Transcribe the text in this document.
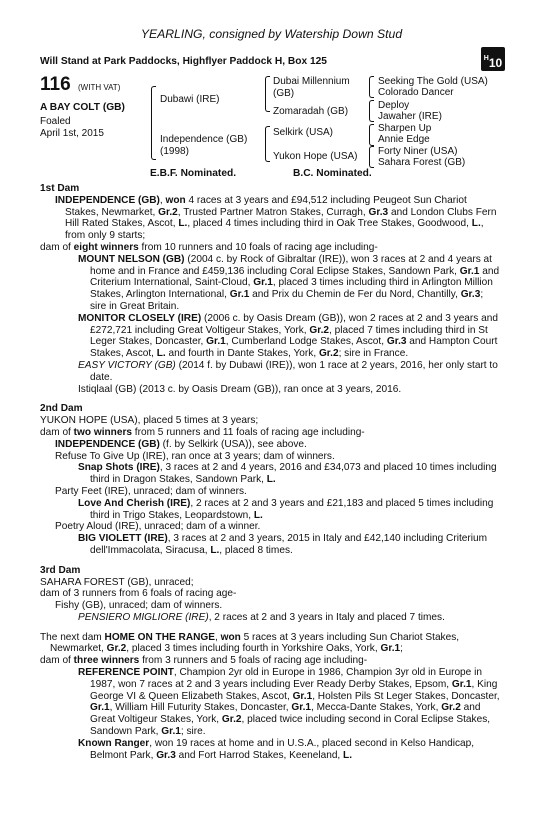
YEARLING, consigned by Watership Down Stud
Will Stand at Park Paddocks, Highflyer Paddock H, Box 125	$^H$10
116 (WITH VAT)
A BAY COLT (GB)
Foaled
April 1st, 2015
Dubawi (IRE)
Independence (GB)
(1998)
Dubai Millennium
(GB)
Zomaradah (GB)
Selkirk (USA)
Yukon Hope (USA)
Seeking The Gold (USA)
Colorado Dancer
Deploy
Jawaher (IRE)
Sharpen Up
Annie Edge
Forty Niner (USA)
Sahara Forest (GB)
E.B.F. Nominated.	B.C. Nominated.
1st Dam
INDEPENDENCE (GB), won 4 races at 3 years and £94,512 including Peugeot Sun Chariot Stakes, Newmarket, Gr.2, Trusted Partner Matron Stakes, Curragh, Gr.3 and London Clubs Fern Hill Rated Stakes, Ascot, L., placed 4 times including third in Oak Tree Stakes, Goodwood, L., from only 9 starts;
dam of eight winners from 10 runners and 10 foals of racing age including-
MOUNT NELSON (GB) (2004 c. by Rock of Gibraltar (IRE)), won 3 races at 2 and 4 years at home and in France and £459,136 including Coral Eclipse Stakes, Sandown Park, Gr.1 and Criterium International, Saint-Cloud, Gr.1, placed 3 times including third in Arlington Million Stakes, Arlington International, Gr.1 and Prix du Chemin de Fer du Nord, Chantilly, Gr.3; sire in Great Britain.
MONITOR CLOSELY (IRE) (2006 c. by Oasis Dream (GB)), won 2 races at 2 and 3 years and £272,721 including Great Voltigeur Stakes, York, Gr.2, placed 7 times including third in St Leger Stakes, Doncaster, Gr.1, Cumberland Lodge Stakes, Ascot, Gr.3 and Hampton Court Stakes, Ascot, L. and fourth in Dante Stakes, York, Gr.2; sire in France.
EASY VICTORY (GB) (2014 f. by Dubawi (IRE)), won 1 race at 2 years, 2016, her only start to date.
Istiqlaal (GB) (2013 c. by Oasis Dream (GB)), ran once at 3 years, 2016.
2nd Dam
YUKON HOPE (USA), placed 5 times at 3 years;
dam of two winners from 5 runners and 11 foals of racing age including-
INDEPENDENCE (GB) (f. by Selkirk (USA)), see above.
Refuse To Give Up (IRE), ran once at 3 years; dam of winners.
Snap Shots (IRE), 3 races at 2 and 4 years, 2016 and £34,073 and placed 10 times including third in Dragon Stakes, Sandown Park, L.
Party Feet (IRE), unraced; dam of winners.
Love And Cherish (IRE), 2 races at 2 and 3 years and £21,183 and placed 5 times including third in Trigo Stakes, Leopardstown, L.
Poetry Aloud (IRE), unraced; dam of a winner.
BIG VIOLETT (IRE), 3 races at 2 and 3 years, 2015 in Italy and £42,140 including Criterium dell'Immacolata, Siracusa, L., placed 8 times.
3rd Dam
SAHARA FOREST (GB), unraced;
dam of 3 runners from 6 foals of racing age-
Fishy (GB), unraced; dam of winners.
PENSIERO MIGLIORE (IRE), 2 races at 2 and 3 years in Italy and placed 7 times.
The next dam HOME ON THE RANGE, won 5 races at 3 years including Sun Chariot Stakes, Newmarket, Gr.2, placed 3 times including fourth in Yorkshire Oaks, York, Gr.1;
dam of three winners from 3 runners and 5 foals of racing age including-
REFERENCE POINT, Champion 2yr old in Europe in 1986, Champion 3yr old in Europe in 1987, won 7 races at 2 and 3 years including Ever Ready Derby Stakes, Epsom, Gr.1, King George VI & Queen Elizabeth Stakes, Ascot, Gr.1, Holsten Pils St Leger Stakes, Doncaster, Gr.1, William Hill Futurity Stakes, Doncaster, Gr.1, Mecca-Dante Stakes, York, Gr.2 and Great Voltigeur Stakes, York, Gr.2, placed twice including second in Coral Eclipse Stakes, Sandown Park, Gr.1; sire.
Known Ranger, won 19 races at home and in U.S.A., placed second in Kelso Handicap, Belmont Park, Gr.3 and Fort Harrod Stakes, Keeneland, L.
